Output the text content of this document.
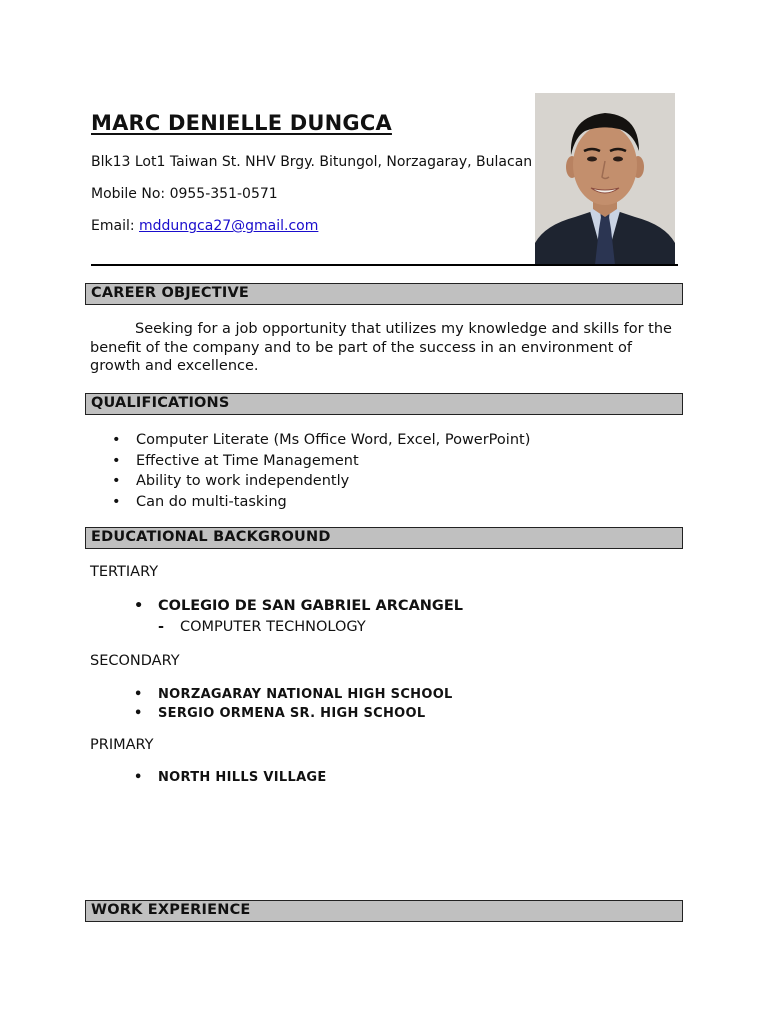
MARC DENIELLE DUNGCA
Blk13 Lot1 Taiwan St. NHV Brgy. Bitungol, Norzagaray, Bulacan
Mobile No: 0955-351-0571
Email: mddungca27@gmail.com
CAREER OBJECTIVE
Seeking for a job opportunity that utilizes my knowledge and skills for the benefit of the company and to be part of the success in an environment of growth and excellence.
QUALIFICATIONS
• Computer Literate (Ms Office Word, Excel, PowerPoint)
• Effective at Time Management
• Ability to work independently
• Can do multi-tasking
EDUCATIONAL BACKGROUND
TERTIARY
• COLEGIO DE SAN GABRIEL ARCANGEL
- COMPUTER TECHNOLOGY
SECONDARY
• NORZAGARAY NATIONAL HIGH SCHOOL
• SERGIO ORMENA SR. HIGH SCHOOL
PRIMARY
• NORTH HILLS VILLAGE
WORK EXPERIENCE
